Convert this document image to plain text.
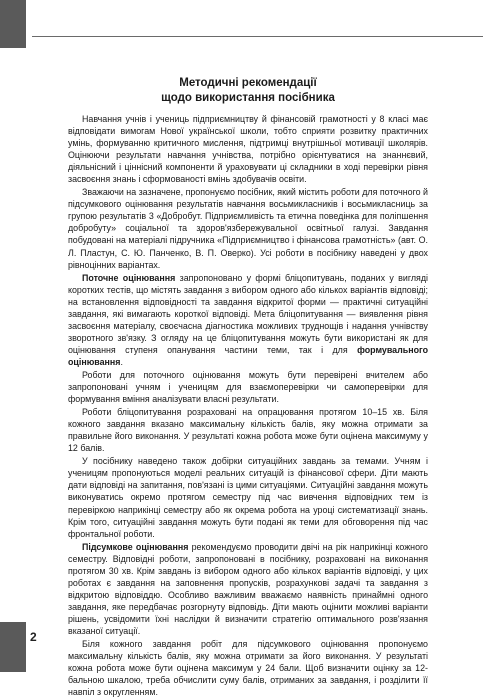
Методичні рекомендації
щодо використання посібника

Навчання учнів і учениць підприємництву й фінансовій грамотності у 8 класі має відповідати вимогам Нової української школи, тобто сприяти розвитку практичних умінь, формуванню критичного мислення, підтримці внутрішньої мотивації школярів. Оцінюючи результати навчання учнівства, потрібно орієнтуватися на знаннєвий, діяльнісний і ціннісний компоненти й ураховувати ці складники в ході перевірки рівня засвоєння знань і сформованості вмінь здобувачів освіти.

Зважаючи на зазначене, пропонуємо посібник, який містить роботи для поточного й підсумкового оцінювання результатів навчання восьмикласників і восьмикласниць за групою результатів 3 «Добробут. Підприємливість та етична поведінка для поліпшення добробуту» соціальної та здоров'язбережувальної освітньої галузі. Завдання побудовані на матеріалі підручника «Підприємництво і фінансова грамотність» (авт. О. Л. Пластун, С. Ю. Панченко, В. П. Оверко). Усі роботи в посібнику наведені у двох рівноцінних варіантах.

Поточне оцінювання запропоновано у формі бліцопитувань, поданих у вигляді коротких тестів, що містять завдання з вибором одного або кількох варіантів відповіді; на встановлення відповідності та завдання відкритої форми — практичні ситуаційні завдання, які вимагають короткої відповіді. Мета бліцопитування — виявлення рівня засвоєння матеріалу, своєчасна діагностика можливих труднощів і надання учнівству зворотного зв'язку. З огляду на це бліцопитування можуть бути використані як для оцінювання ступеня опанування частини теми, так і для формувального оцінювання.

Роботи для поточного оцінювання можуть бути перевірені вчителем або запропоновані учням і ученицям для взаємоперевірки чи самоперевірки для формування вміння аналізувати власні результати.

Роботи бліцопитування розраховані на опрацювання протягом 10–15 хв. Біля кожного завдання вказано максимальну кількість балів, яку можна отримати за правильне його виконання. У результаті кожна робота може бути оцінена максимуму у 12 балів.

У посібнику наведено також добірки ситуаційних завдань за темами. Учням і ученицям пропонуються моделі реальних ситуацій із фінансової сфери. Діти мають дати відповіді на запитання, пов'язані із цими ситуаціями. Ситуаційні завдання можуть виконуватись окремо протягом семестру під час вивчення відповідних тем із перевіркою наприкінці семестру або як окрема робота на уроці систематизації знань. Крім того, ситуаційні завдання можуть бути подані як теми для обговорення під час фронтальної роботи.

Підсумкове оцінювання рекомендуємо проводити двічі на рік наприкінці кожного семестру. Відповідні роботи, запропоновані в посібнику, розраховані на виконання протягом 30 хв. Крім завдань із вибором одного або кількох варіантів відповіді, у цих роботах є завдання на заповнення пропусків, розрахункові задачі та завдання з відкритою відповіддю. Особливо важливим вважаємо наявність принаймні одного завдання, яке передбачає розгорнуту відповідь. Діти мають оцінити можливі варіанти рішень, усвідомити їхні наслідки й визначити стратегію оптимального розв'язання вказаної ситуації.

Біля кожного завдання робіт для підсумкового оцінювання пропонуємо максимальну кількість балів, яку можна отримати за його виконання. У результаті кожна робота може бути оцінена максимум у 24 бали. Щоб визначити оцінку за 12-бальною шкалою, треба обчислити суму балів, отриманих за завдання, і розділити її навпіл з округленням.

2
